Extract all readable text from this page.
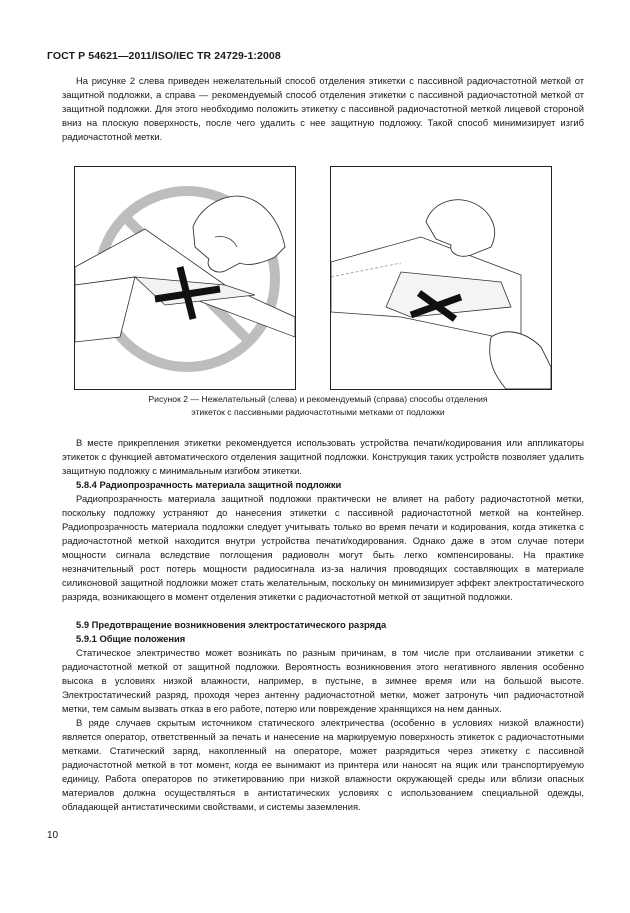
ГОСТ Р 54621—2011/ISO/IEC TR 24729-1:2008

На рисунке 2 слева приведен нежелательный способ отделения этикетки с пассивной радиочастотной меткой от защитной подложки, а справа — рекомендуемый способ отделения этикетки с пассивной радиочастотной меткой от защитной подложки. Для этого необходимо положить этикетку с пассивной радиочастотной меткой лицевой стороной вниз на плоскую поверхность, после чего удалить с нее защитную подложку. Такой способ минимизирует изгиб радиочастотной метки.

Рисунок 2 — Нежелательный (слева) и рекомендуемый (справа) способы отделения
этикеток с пассивными радиочастотными метками от подложки

В месте прикрепления этикетки рекомендуется использовать устройства печати/кодирования или аппликаторы этикеток с функцией автоматического отделения защитной подложки. Конструкция таких устройств позволяет удалить защитную подложку с минимальным изгибом этикетки.

5.8.4 Радиопрозрачность материала защитной подложки

Радиопрозрачность материала защитной подложки практически не влияет на работу радиочастотной метки, поскольку подложку устраняют до нанесения этикетки с пассивной радиочастотной меткой на контейнер. Радиопрозрачность материала подложки следует учитывать только во время печати и кодирования, когда этикетка с радиочастотной меткой находится внутри устройства печати/кодирования. Однако даже в этом случае потери мощности сигнала вследствие поглощения радиоволн могут быть легко компенсированы. На практике незначительный рост потерь мощности радиосигнала из-за наличия проводящих составляющих в материале силиконовой защитной подложки может стать желательным, поскольку он минимизирует эффект электростатического разряда, возникающего в момент отделения этикетки с радиочастотной меткой от защитной подложки.

5.9 Предотвращение возникновения электростатического разряда

5.9.1 Общие положения

Статическое электричество может возникать по разным причинам, в том числе при отслаивании этикетки с радиочастотной меткой от защитной подложки. Вероятность возникновения этого негативного явления особенно высока в условиях низкой влажности, например, в пустыне, в зимнее время или на большой высоте. Электростатический разряд, проходя через антенну радиочастотной метки, может затронуть чип радиочастотной метки, тем самым вызвать отказ в его работе, потерю или повреждение хранящихся на нем данных.

В ряде случаев скрытым источником статического электричества (особенно в условиях низкой влажности) является оператор, ответственный за печать и нанесение на маркируемую поверхность этикеток с радиочастотными метками. Статический заряд, накопленный на операторе, может разрядиться через этикетку с пассивной радиочастотной меткой в тот момент, когда ее вынимают из принтера или наносят на ящик или транспортируемую единицу. Работа операторов по этикетированию при низкой влажности окружающей среды или вблизи опасных материалов должна осуществляться в антистатических условиях с использованием специальной одежды, обладающей антистатическими свойствами, и системы заземления.

10
